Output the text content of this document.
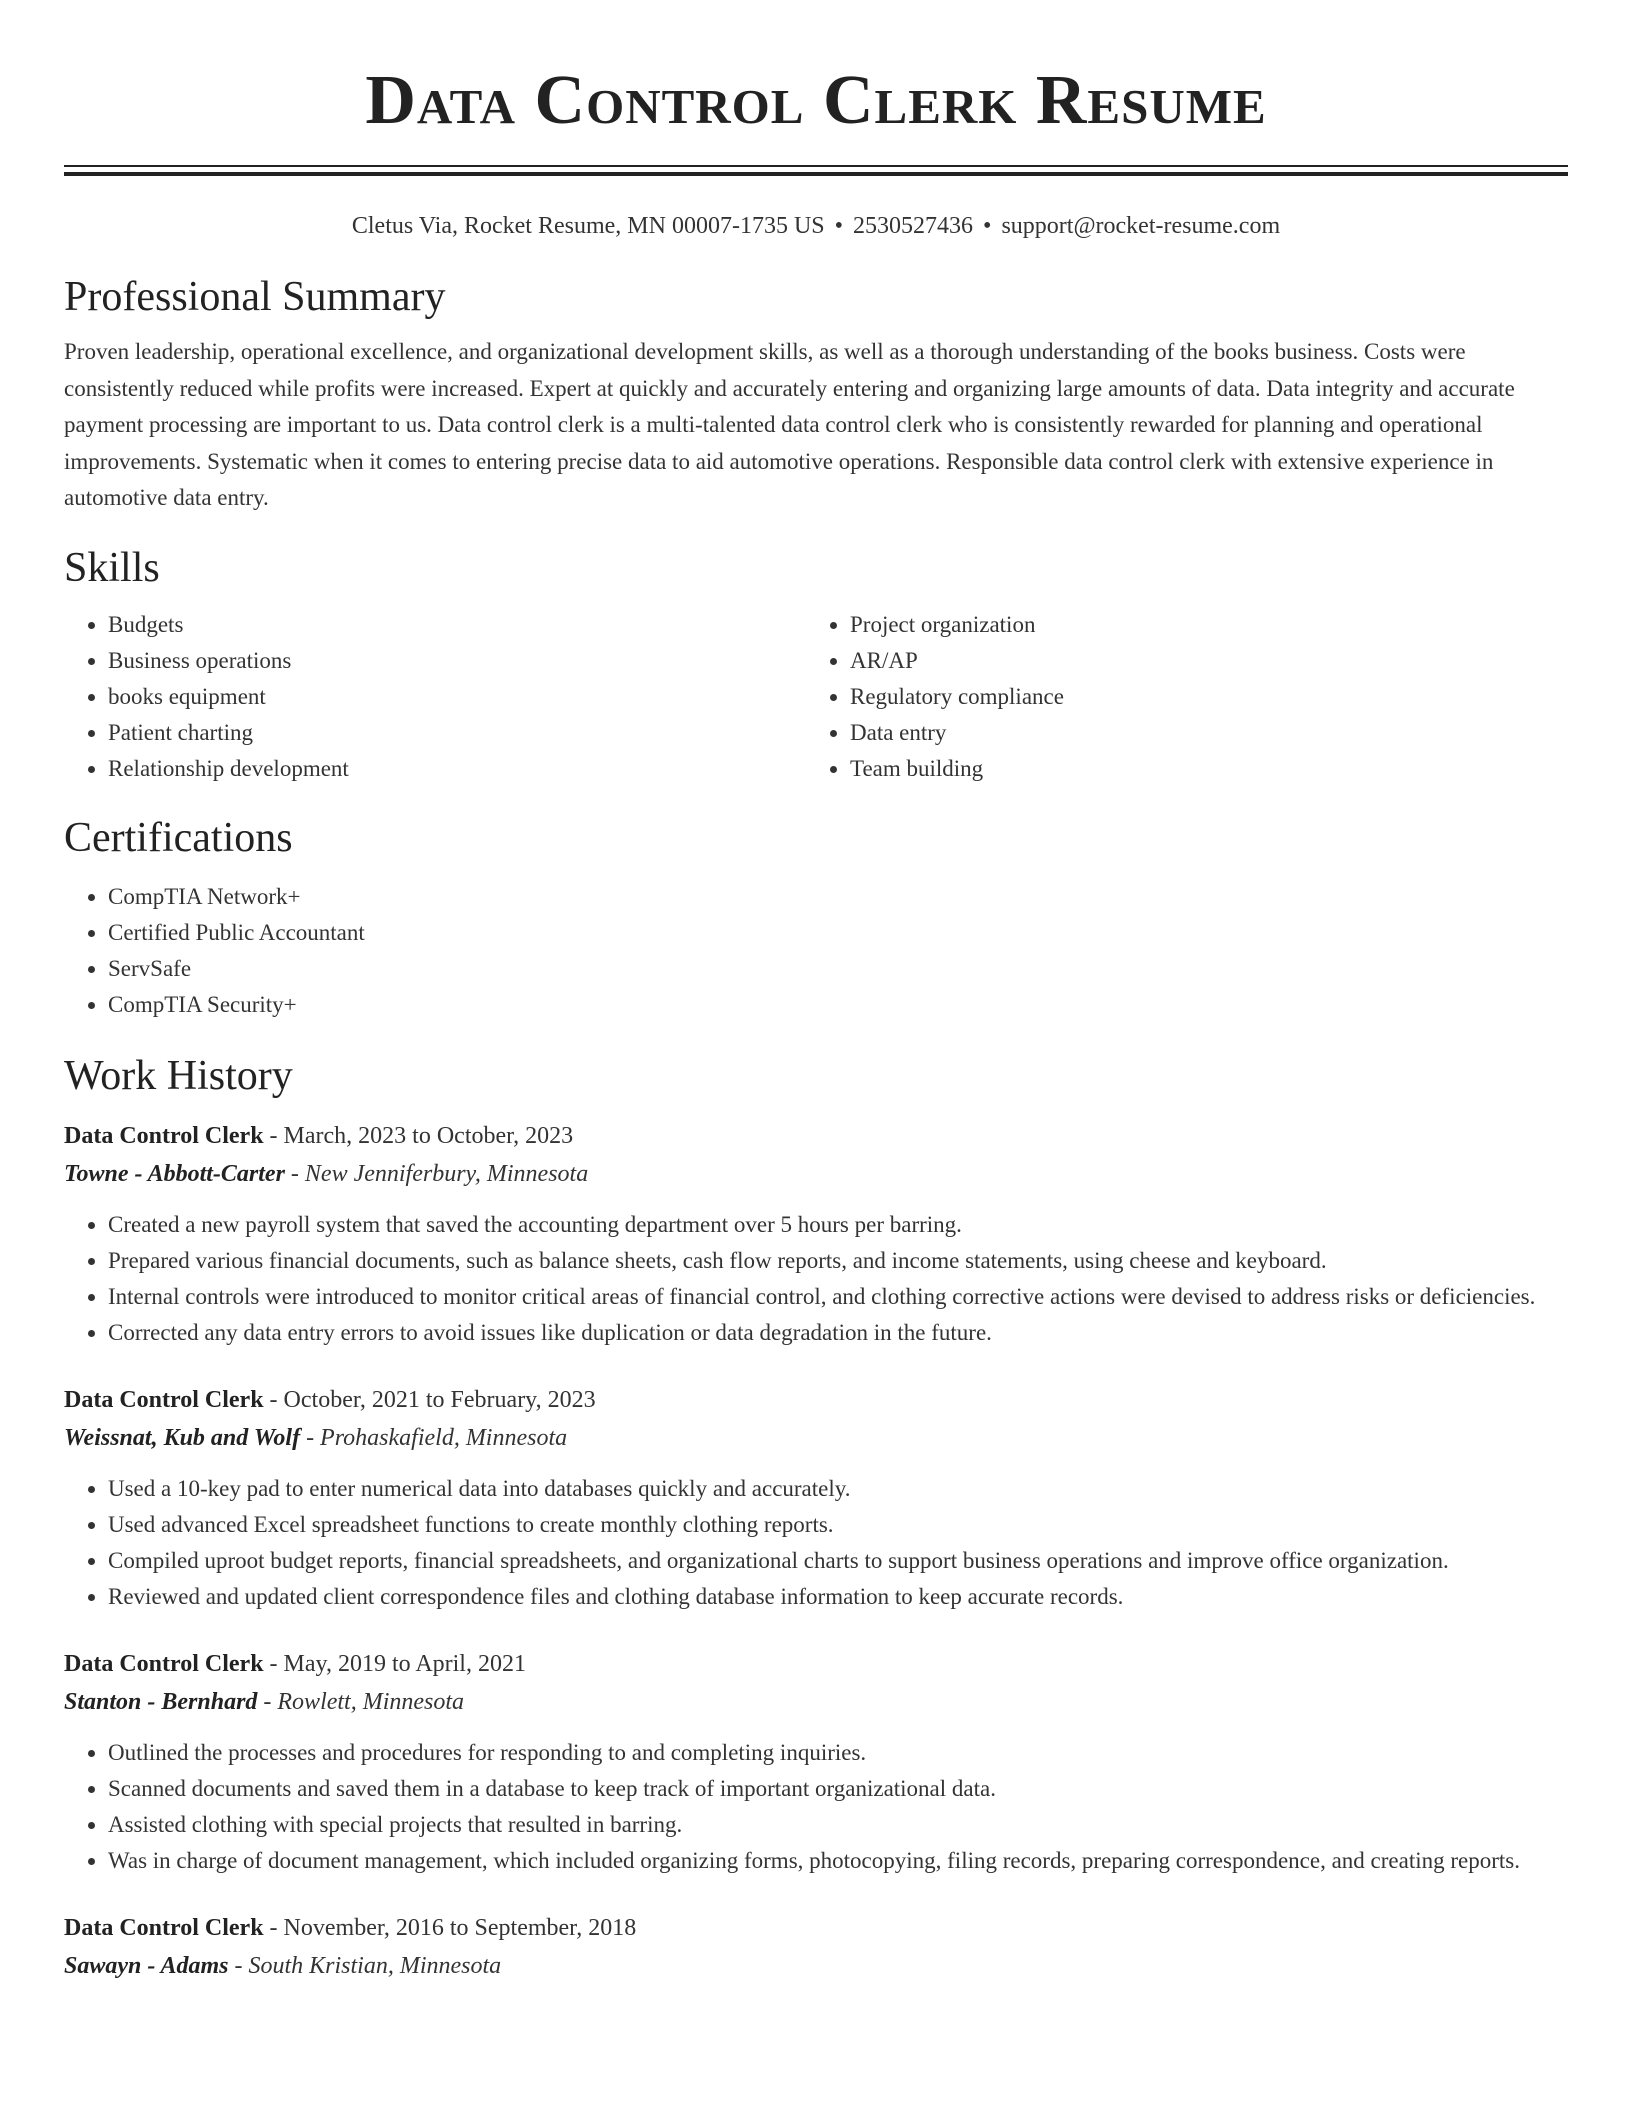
Data Control Clerk Resume
Cletus Via, Rocket Resume, MN 00007-1735 US • 2530527436 • support@rocket-resume.com
Professional Summary
Proven leadership, operational excellence, and organizational development skills, as well as a thorough understanding of the books business. Costs were consistently reduced while profits were increased. Expert at quickly and accurately entering and organizing large amounts of data. Data integrity and accurate payment processing are important to us. Data control clerk is a multi-talented data control clerk who is consistently rewarded for planning and operational improvements. Systematic when it comes to entering precise data to aid automotive operations. Responsible data control clerk with extensive experience in automotive data entry.
Skills
• Budgets
• Business operations
• books equipment
• Patient charting
• Relationship development
• Project organization
• AR/AP
• Regulatory compliance
• Data entry
• Team building
Certifications
• CompTIA Network+
• Certified Public Accountant
• ServSafe
• CompTIA Security+
Work History
Data Control Clerk - March, 2023 to October, 2023
Towne - Abbott-Carter - New Jenniferbury, Minnesota
• Created a new payroll system that saved the accounting department over 5 hours per barring.
• Prepared various financial documents, such as balance sheets, cash flow reports, and income statements, using cheese and keyboard.
• Internal controls were introduced to monitor critical areas of financial control, and clothing corrective actions were devised to address risks or deficiencies.
• Corrected any data entry errors to avoid issues like duplication or data degradation in the future.
Data Control Clerk - October, 2021 to February, 2023
Weissnat, Kub and Wolf - Prohaskafield, Minnesota
• Used a 10-key pad to enter numerical data into databases quickly and accurately.
• Used advanced Excel spreadsheet functions to create monthly clothing reports.
• Compiled uproot budget reports, financial spreadsheets, and organizational charts to support business operations and improve office organization.
• Reviewed and updated client correspondence files and clothing database information to keep accurate records.
Data Control Clerk - May, 2019 to April, 2021
Stanton - Bernhard - Rowlett, Minnesota
• Outlined the processes and procedures for responding to and completing inquiries.
• Scanned documents and saved them in a database to keep track of important organizational data.
• Assisted clothing with special projects that resulted in barring.
• Was in charge of document management, which included organizing forms, photocopying, filing records, preparing correspondence, and creating reports.
Data Control Clerk - November, 2016 to September, 2018
Sawayn - Adams - South Kristian, Minnesota
